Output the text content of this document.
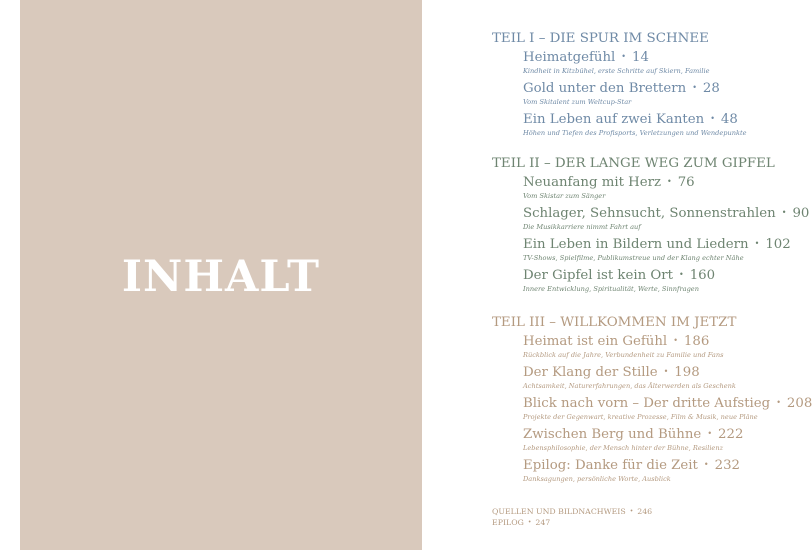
INHALT
TEIL I – DIE SPUR IM SCHNEE
Heimatgefühl • 14
Kindheit in Kitzbühel, erste Schritte auf Skiern, Familie
Gold unter den Brettern • 28
Vom Skitalent zum Weltcup-Star
Ein Leben auf zwei Kanten • 48
Höhen und Tiefen des Profisports, Verletzungen und Wendepunkte
TEIL II – DER LANGE WEG ZUM GIPFEL
Neuanfang mit Herz • 76
Vom Skistar zum Sänger
Schlager, Sehnsucht, Sonnenstrahlen • 90
Die Musikkarriere nimmt Fahrt auf
Ein Leben in Bildern und Liedern • 102
TV-Shows, Spielfilme, Publikumstreue und der Klang echter Nähe
Der Gipfel ist kein Ort • 160
Innere Entwicklung, Spiritualität, Werte, Sinnfragen
TEIL III – WILLKOMMEN IM JETZT
Heimat ist ein Gefühl • 186
Rückblick auf die Jahre, Verbundenheit zu Familie und Fans
Der Klang der Stille • 198
Achtsamkeit, Naturerfahrungen, das Älterwerden als Geschenk
Blick nach vorn – Der dritte Aufstieg • 208
Projekte der Gegenwart, kreative Prozesse, Film & Musik, neue Pläne
Zwischen Berg und Bühne • 222
Lebensphilosophie, der Mensch hinter der Bühne, Resilienz
Epilog: Danke für die Zeit • 232
Danksagungen, persönliche Worte, Ausblick
QUELLEN UND BILDNACHWEIS • 246
EPILOG • 247
